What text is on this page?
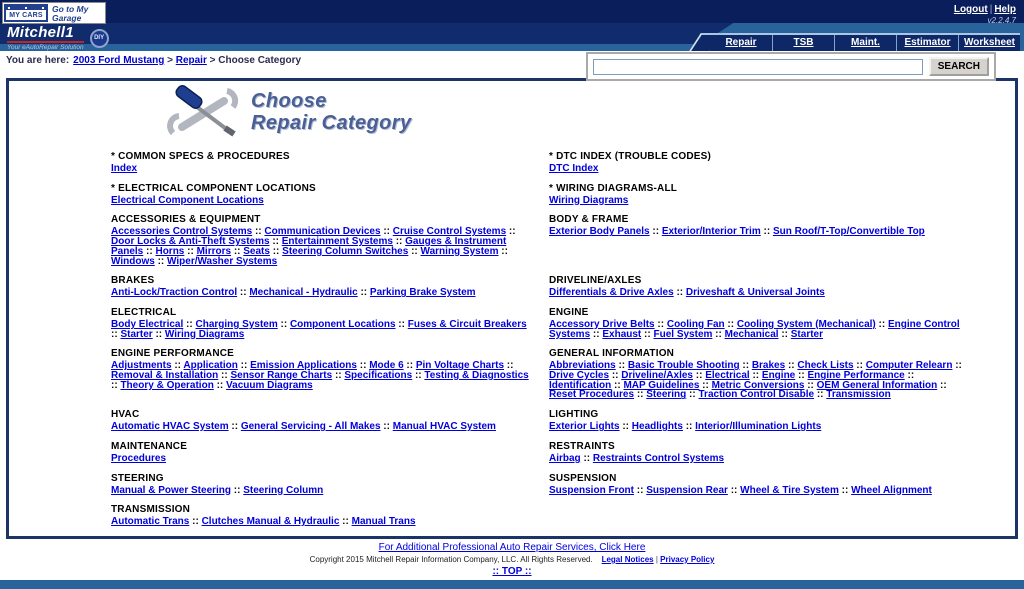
MY CARS
Go to My Garage
Logout | Help
v2.2.4.7
Mitchell1
Your eAutoRepair Solution
DIY	Repair	TSB	Maint.	Estimator	Worksheet
You are here: 2003 Ford Mustang > Repair > Choose Category
SEARCH
Choose
Repair Category
* COMMON SPECS & PROCEDURES
Index
* DTC INDEX (TROUBLE CODES)
DTC Index
* ELECTRICAL COMPONENT LOCATIONS
Electrical Component Locations
* WIRING DIAGRAMS-ALL
Wiring Diagrams
ACCESSORIES & EQUIPMENT
Accessories Control Systems :: Communication Devices :: Cruise Control Systems :: Door Locks & Anti-Theft Systems :: Entertainment Systems :: Gauges & Instrument Panels :: Horns :: Mirrors :: Seats :: Steering Column Switches :: Warning System :: Windows :: Wiper/Washer Systems
BODY & FRAME
Exterior Body Panels :: Exterior/Interior Trim :: Sun Roof/T-Top/Convertible Top
BRAKES
Anti-Lock/Traction Control :: Mechanical - Hydraulic :: Parking Brake System
DRIVELINE/AXLES
Differentials & Drive Axles :: Driveshaft & Universal Joints
ELECTRICAL
Body Electrical :: Charging System :: Component Locations :: Fuses & Circuit Breakers :: Starter :: Wiring Diagrams
ENGINE
Accessory Drive Belts :: Cooling Fan :: Cooling System (Mechanical) :: Engine Control Systems :: Exhaust :: Fuel System :: Mechanical :: Starter
ENGINE PERFORMANCE
Adjustments :: Application :: Emission Applications :: Mode 6 :: Pin Voltage Charts :: Removal & Installation :: Sensor Range Charts :: Specifications :: Testing & Diagnostics :: Theory & Operation :: Vacuum Diagrams
GENERAL INFORMATION
Abbreviations :: Basic Trouble Shooting :: Brakes :: Check Lists :: Computer Relearn :: Drive Cycles :: Driveline/Axles :: Electrical :: Engine :: Engine Performance :: Identification :: MAP Guidelines :: Metric Conversions :: OEM General Information :: Reset Procedures :: Steering :: Traction Control Disable :: Transmission
HVAC
Automatic HVAC System :: General Servicing - All Makes :: Manual HVAC System
LIGHTING
Exterior Lights :: Headlights :: Interior/Illumination Lights
MAINTENANCE
Procedures
RESTRAINTS
Airbag :: Restraints Control Systems
STEERING
Manual & Power Steering :: Steering Column
SUSPENSION
Suspension Front :: Suspension Rear :: Wheel & Tire System :: Wheel Alignment
TRANSMISSION
Automatic Trans :: Clutches Manual & Hydraulic :: Manual Trans
For Additional Professional Auto Repair Services, Click Here
Copyright 2015 Mitchell Repair Information Company, LLC. All Rights Reserved. Legal Notices | Privacy Policy
:: TOP ::
